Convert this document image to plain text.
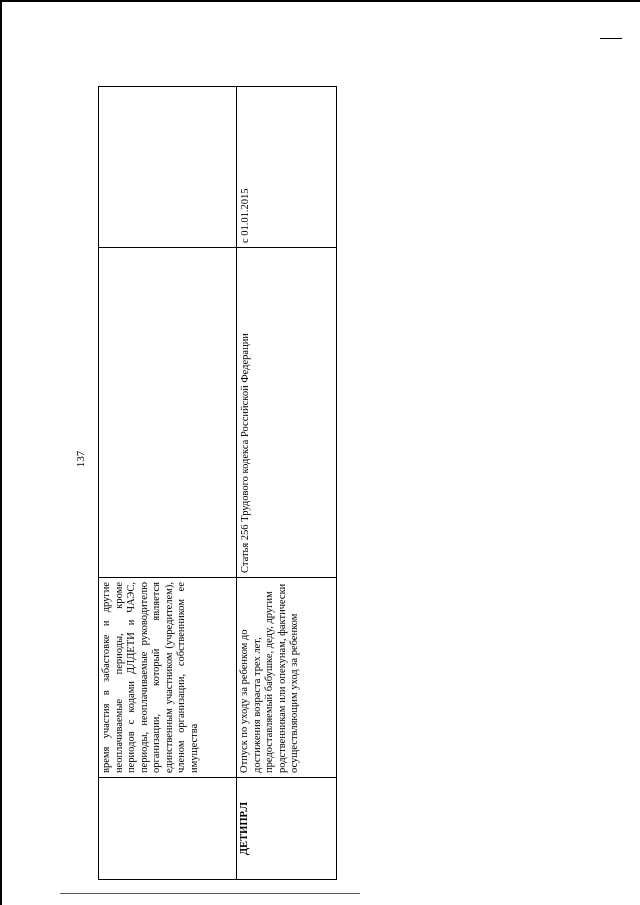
137
	время участия в забастовке и другие неоплачиваемые периоды, кроме периодов с кодами ДЛДЕТИ и ЧАЭС, периоды, неоплачиваемые руководителю организации, который является единственным участником (учредителем), членом организации, собственником ее имущества		
ДЕТИПР.Л	Отпуск по уходу за ребенком до достижения возраста трех лет, предоставляемый бабушке, деду, другим родственникам или опекунам, фактически осуществляющим уход за ребенком	Статья 256 Трудового кодекса Российской Федерации	с 01.01.2015
